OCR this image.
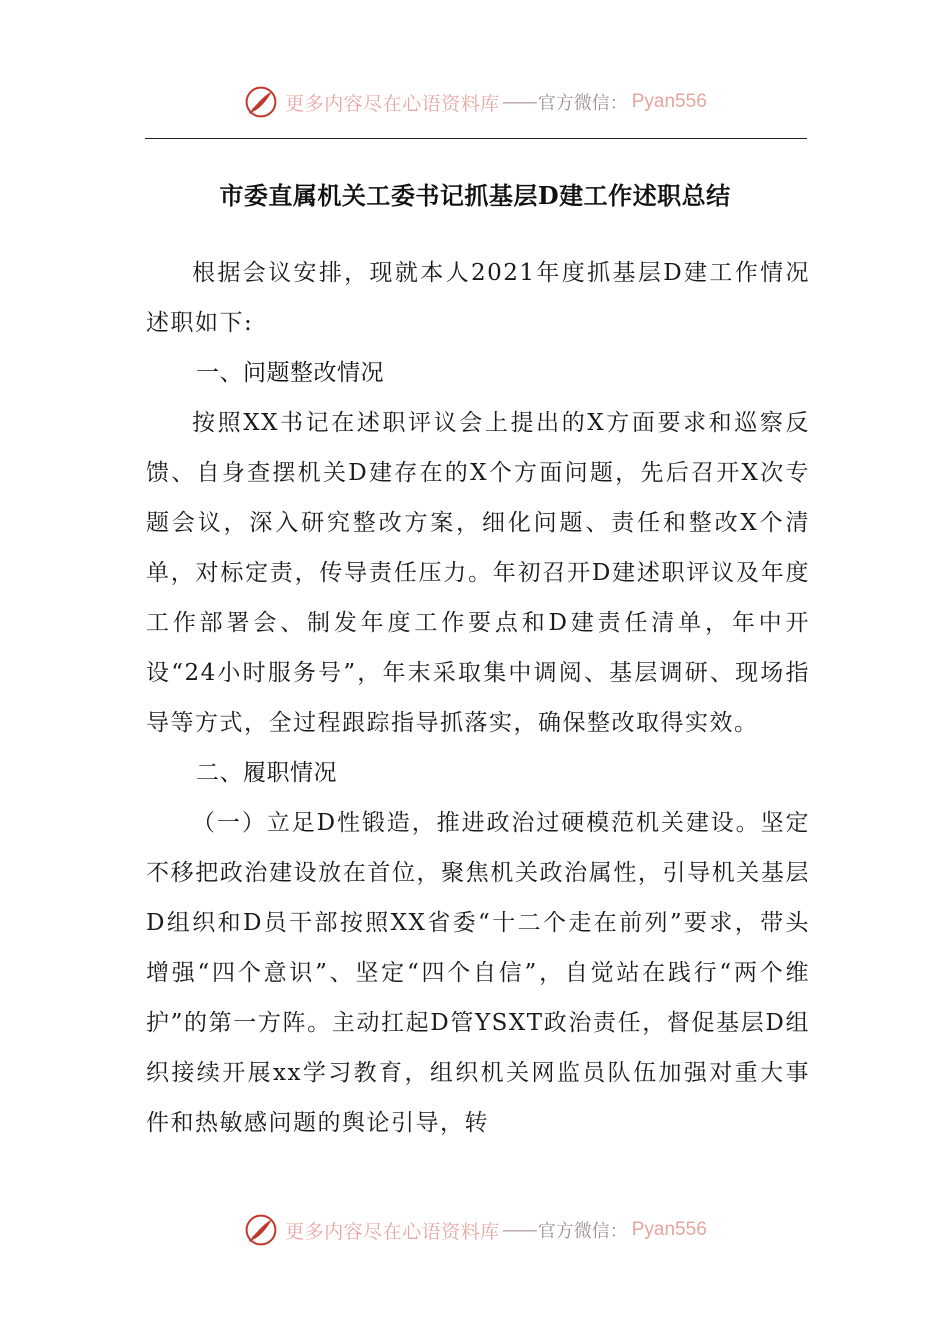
更多内容尽在心语资料库 —— 官方微信： Pyan556
市委直属机关工委书记抓基层D建工作述职总结

根据会议安排，现就本人2021年度抓基层D建工作情况述职如下:

一、问题整改情况

按照XX书记在述职评议会上提出的X方面要求和巡察反馈、自身查摆机关D建存在的X个方面问题，先后召开X次专题会议，深入研究整改方案，细化问题、责任和整改X个清单，对标定责，传导责任压力。年初召开D建述职评议及年度工作部署会、制发年度工作要点和D建责任清单，年中开设“24小时服务号”，年末采取集中调阅、基层调研、现场指导等方式，全过程跟踪指导抓落实，确保整改取得实效。

二、履职情况

（一）立足D性锻造，推进政治过硬模范机关建设。坚定不移把政治建设放在首位，聚焦机关政治属性，引导机关基层D组织和D员干部按照XX省委“十二个走在前列”要求，带头增强“四个意识”、坚定“四个自信”，自觉站在践行“两个维护”的第一方阵。主动扛起D管YSXT政治责任，督促基层D组织接续开展xx学习教育，组织机关网监员队伍加强对重大事件和热敏感问题的舆论引导，转

更多内容尽在心语资料库 —— 官方微信： Pyan556
